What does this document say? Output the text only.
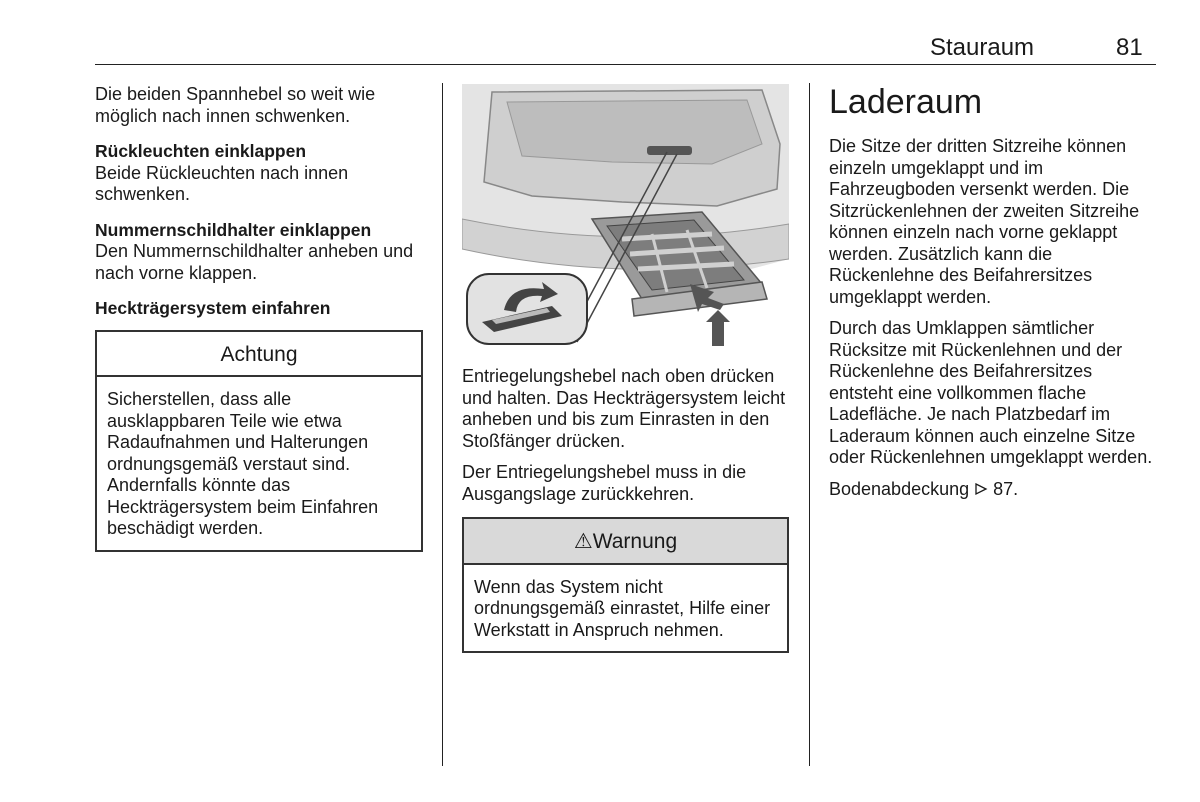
Stauraum	81

Die beiden Spannhebel so weit wie möglich nach innen schwenken.

Rückleuchten einklappen

Beide Rückleuchten nach innen schwenken.

Nummernschildhalter einklappen

Den Nummernschildhalter anheben und nach vorne klappen.

Heckträgersystem einfahren
Achtung
Sicherstellen, dass alle ausklappbaren Teile wie etwa Radaufnahmen und Halterungen ordnungsgemäß verstaut sind. Andernfalls könnte das Heckträgersystem beim Einfahren beschädigt werden.

Entriegelungshebel nach oben drücken und halten. Das Heckträgersystem leicht anheben und bis zum Einrasten in den Stoßfänger drücken.

Der Entriegelungshebel muss in die Ausgangslage zurückkehren.

⚠Warnung
Wenn das System nicht ordnungsgemäß einrastet, Hilfe einer Werkstatt in Anspruch nehmen.
Laderaum

Die Sitze der dritten Sitzreihe können einzeln umgeklappt und im Fahrzeugboden versenkt werden. Die Sitzrückenlehnen der zweiten Sitzreihe können einzeln nach vorne geklappt werden. Zusätzlich kann die Rückenlehne des Beifahrersitzes umgeklappt werden.

Durch das Umklappen sämtlicher Rücksitze mit Rückenlehnen und der Rückenlehne des Beifahrersitzes entsteht eine vollkommen flache Ladefläche. Je nach Platzbedarf im Laderaum können auch einzelne Sitze oder Rückenlehnen umgeklappt werden.

Bodenabdeckung 87.
